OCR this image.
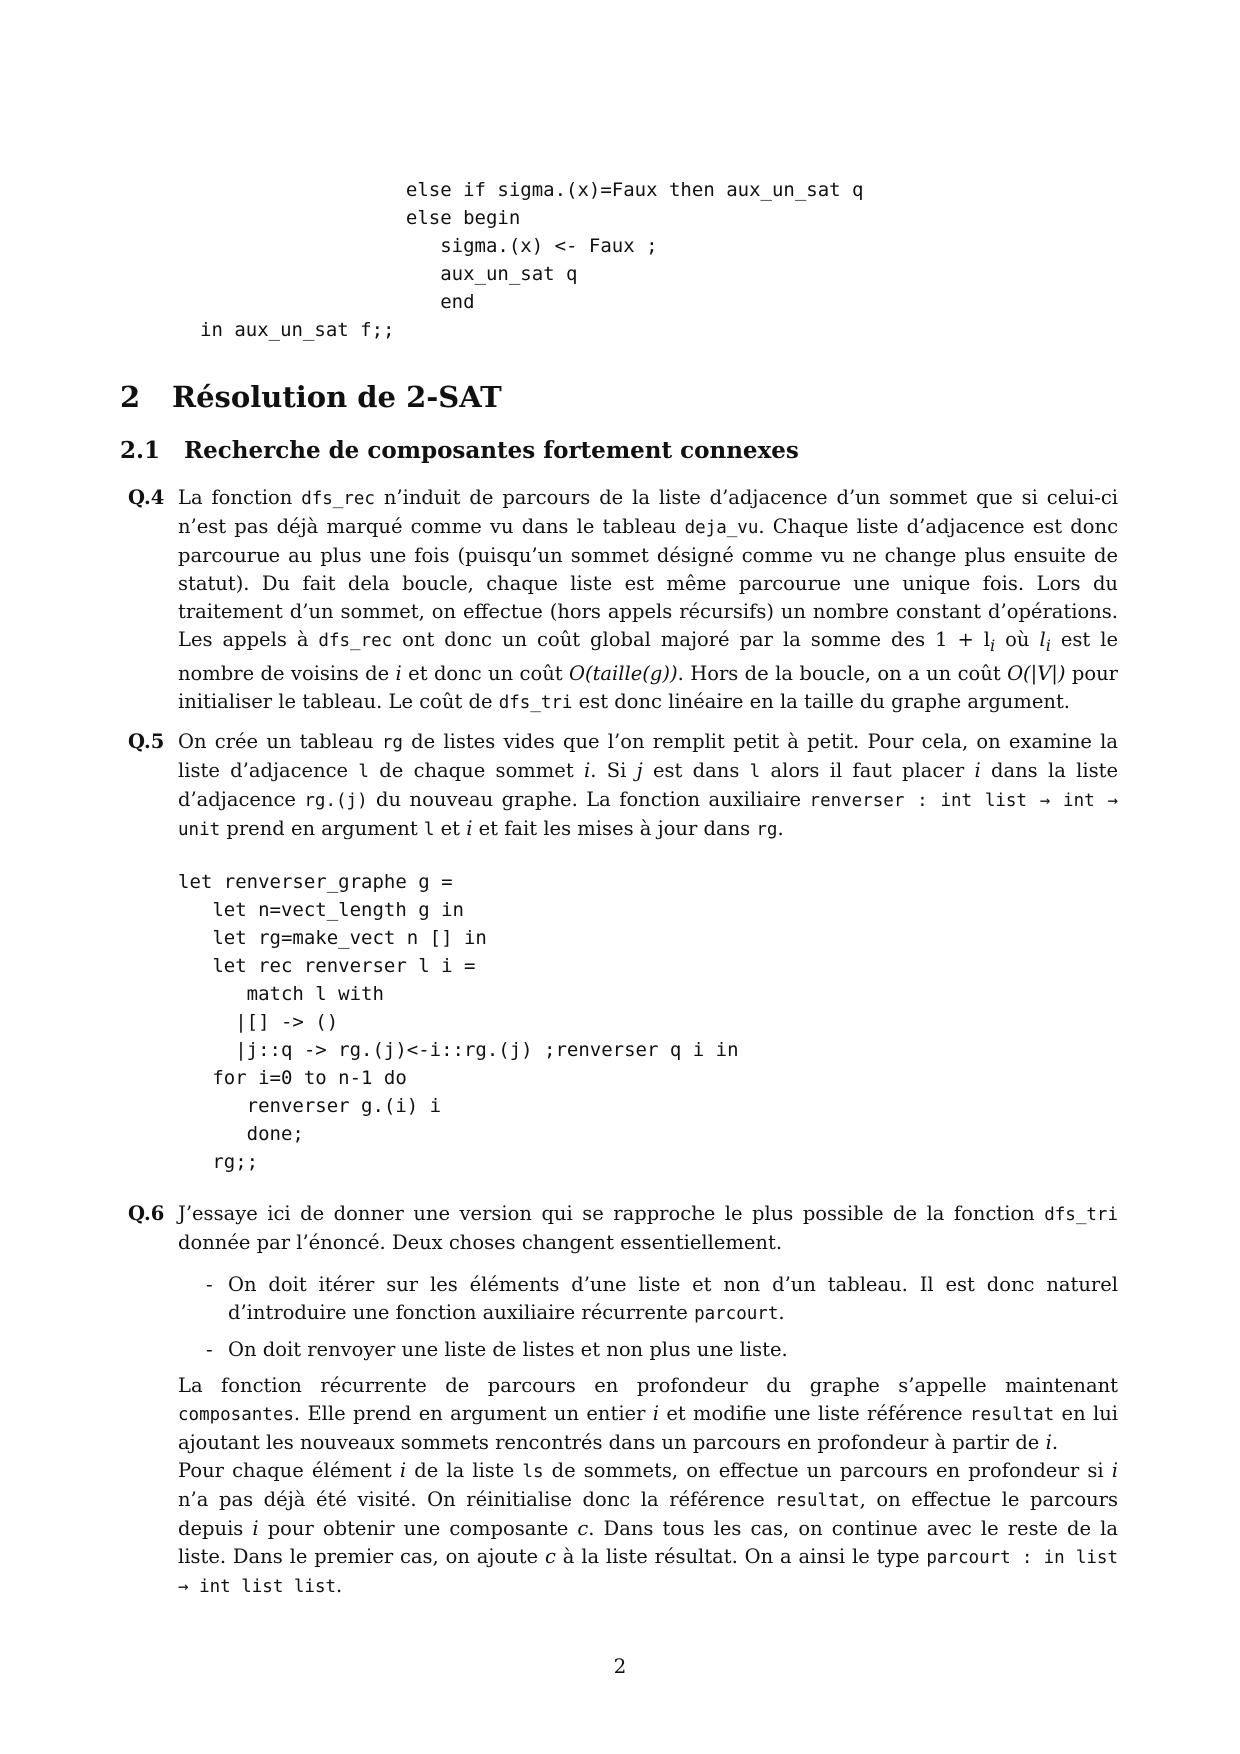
else if sigma.(x)=Faux then aux_un_sat q
else begin
sigma.(x) <- Faux ;
aux_un_sat q
end
in aux_un_sat f;;
2 Résolution de 2-SAT
2.1 Recherche de composantes fortement connexes
Q.4 La fonction dfs_rec n’induit de parcours de la liste d’adjacence d’un sommet que si celui-ci n’est pas déjà marqué comme vu dans le tableau deja_vu. Chaque liste d’adjacence est donc parcourue au plus une fois (puisqu’un sommet désigné comme vu ne change plus ensuite de statut). Du fait dela boucle, chaque liste est même parcourue une unique fois. Lors du traitement d’un sommet, on effectue (hors appels récursifs) un nombre constant d’opérations. Les appels à dfs_rec ont donc un coût global majoré par la somme des $1 + l_i$ où $l_i$ est le nombre de voisins de i et donc un coût O(taille(g)). Hors de la boucle, on a un coût O(|V|) pour initialiser le tableau. Le coût de dfs_tri est donc linéaire en la taille du graphe argument.

Q.5 On crée un tableau rg de listes vides que l’on remplit petit à petit. Pour cela, on examine la liste d’adjacence l de chaque sommet i. Si j est dans l alors il faut placer i dans la liste d’adjacence rg.(j) du nouveau graphe. La fonction auxiliaire renverser : int list → int → unit prend en argument l et i et fait les mises à jour dans rg.

let renverser_graphe g =
let n=vect_length g in
let rg=make_vect n [] in
let rec renverser l i =
match l with
|[] -> ()
|j::q -> rg.(j)<-i::rg.(j) ;renverser q i in
for i=0 to n-1 do
renverser g.(i) i
done;
rg;;
Q.6 J’essaye ici de donner une version qui se rapproche le plus possible de la fonction dfs_tri donnée par l’énoncé. Deux choses changent essentiellement.

- On doit itérer sur les éléments d’une liste et non d’un tableau. Il est donc naturel d’introduire une fonction auxiliaire récurrente parcourt.
- On doit renvoyer une liste de listes et non plus une liste.

La fonction récurrente de parcours en profondeur du graphe s’appelle maintenant composantes. Elle prend en argument un entier i et modifie une liste référence resultat en lui ajoutant les nouveaux sommets rencontrés dans un parcours en profondeur à partir de i.

Pour chaque élément i de la liste ls de sommets, on effectue un parcours en profondeur si i n’a pas déjà été visité. On réinitialise donc la référence resultat, on effectue le parcours depuis i pour obtenir une composante c. Dans tous les cas, on continue avec le reste de la liste. Dans le premier cas, on ajoute c à la liste résultat. On a ainsi le type parcourt : in list → int list list.

2
